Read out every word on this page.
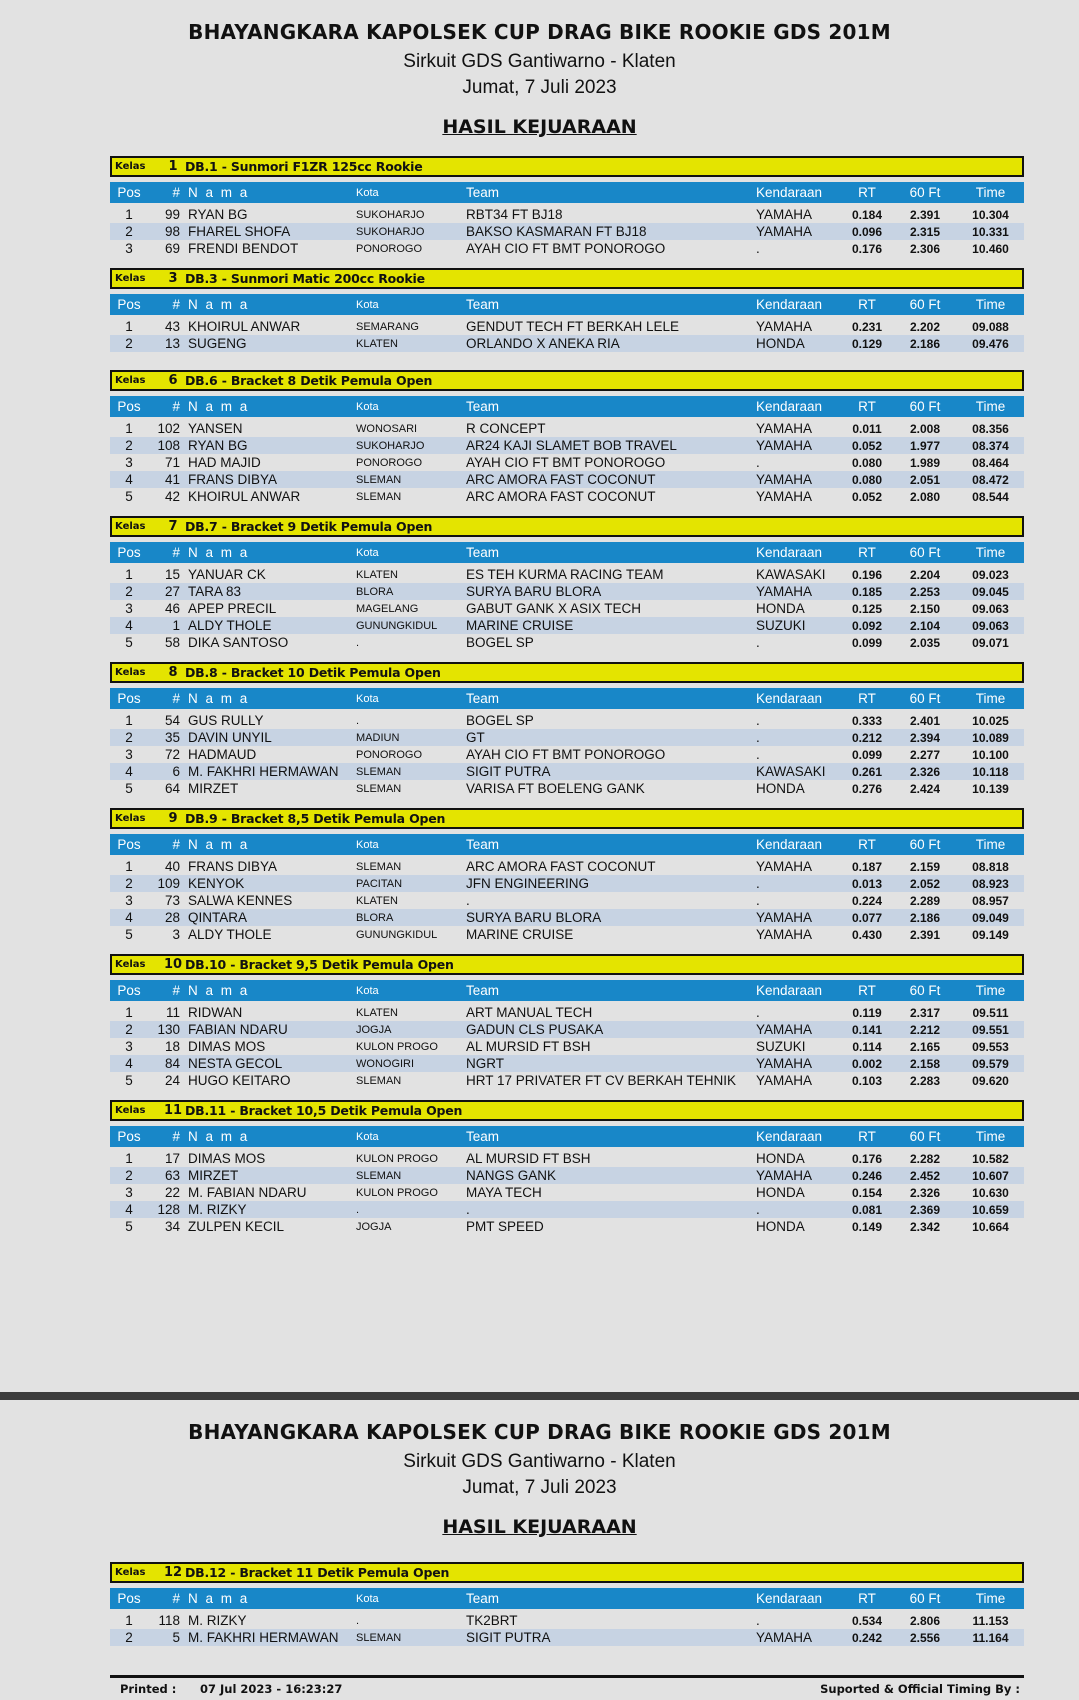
BHAYANGKARA KAPOLSEK CUP DRAG BIKE ROOKIE GDS 201M
Sirkuit GDS Gantiwarno - Klaten
Jumat, 7 Juli 2023
HASIL KEJUARAAN
BHAYANGKARA KAPOLSEK CUP DRAG BIKE ROOKIE GDS 201M
Sirkuit GDS Gantiwarno - Klaten
Jumat, 7 Juli 2023
HASIL KEJUARAAN
Kelas	1 DB.1 - Sunmori F1ZR 125cc Rookie
Pos	# N a m a	Kota	Team	Kendaraan	RT	60 Ft	Time
1	99 RYAN BG	SUKOHARJO	RBT34 FT BJ18	YAMAHA	0.184	2.391	10.304
2	98 FHAREL SHOFA	SUKOHARJO	BAKSO KASMARAN FT BJ18	YAMAHA	0.096	2.315	10.331
3	69 FRENDI BENDOT	PONOROGO	AYAH CIO FT BMT PONOROGO	.	0.176	2.306	10.460
Kelas	3 DB.3 - Sunmori Matic 200cc Rookie
Pos	# N a m a	Kota	Team	Kendaraan	RT	60 Ft	Time
1	43 KHOIRUL ANWAR	SEMARANG	GENDUT TECH FT BERKAH LELE	YAMAHA	0.231	2.202	09.088
2	13 SUGENG	KLATEN	ORLANDO X ANEKA RIA	HONDA	0.129	2.186	09.476
Kelas	6 DB.6 - Bracket 8 Detik Pemula Open
Pos	# N a m a	Kota	Team	Kendaraan	RT	60 Ft	Time
1	102 YANSEN	WONOSARI	R CONCEPT	YAMAHA	0.011	2.008	08.356
2	108 RYAN BG	SUKOHARJO	AR24 KAJI SLAMET BOB TRAVEL	YAMAHA	0.052	1.977	08.374
3	71 HAD MAJID	PONOROGO	AYAH CIO FT BMT PONOROGO	.	0.080	1.989	08.464
4	41 FRANS DIBYA	SLEMAN	ARC AMORA FAST COCONUT	YAMAHA	0.080	2.051	08.472
5	42 KHOIRUL ANWAR	SLEMAN	ARC AMORA FAST COCONUT	YAMAHA	0.052	2.080	08.544
Kelas	7 DB.7 - Bracket 9 Detik Pemula Open
Pos	# N a m a	Kota	Team	Kendaraan	RT	60 Ft	Time
1	15 YANUAR CK	KLATEN	ES TEH KURMA RACING TEAM	KAWASAKI	0.196	2.204	09.023
2	27 TARA 83	BLORA	SURYA BARU BLORA	YAMAHA	0.185	2.253	09.045
3	46 APEP PRECIL	MAGELANG	GABUT GANK X ASIX TECH	HONDA	0.125	2.150	09.063
4	1 ALDY THOLE	GUNUNGKIDUL	MARINE CRUISE	SUZUKI	0.092	2.104	09.063
5	58 DIKA SANTOSO	.	BOGEL SP	.	0.099	2.035	09.071
Kelas	8 DB.8 - Bracket 10 Detik Pemula Open
Pos	# N a m a	Kota	Team	Kendaraan	RT	60 Ft	Time
1	54 GUS RULLY	.	BOGEL SP	.	0.333	2.401	10.025
2	35 DAVIN UNYIL	MADIUN	GT	.	0.212	2.394	10.089
3	72 HADMAUD	PONOROGO	AYAH CIO FT BMT PONOROGO	.	0.099	2.277	10.100
4	6 M. FAKHRI HERMAWAN	SLEMAN	SIGIT PUTRA	KAWASAKI	0.261	2.326	10.118
5	64 MIRZET	SLEMAN	VARISA FT BOELENG GANK	HONDA	0.276	2.424	10.139
Kelas	9 DB.9 - Bracket 8,5 Detik Pemula Open
Pos	# N a m a	Kota	Team	Kendaraan	RT	60 Ft	Time
1	40 FRANS DIBYA	SLEMAN	ARC AMORA FAST COCONUT	YAMAHA	0.187	2.159	08.818
2	109 KENYOK	PACITAN	JFN ENGINEERING	.	0.013	2.052	08.923
3	73 SALWA KENNES	KLATEN	.	.	0.224	2.289	08.957
4	28 QINTARA	BLORA	SURYA BARU BLORA	YAMAHA	0.077	2.186	09.049
5	3 ALDY THOLE	GUNUNGKIDUL	MARINE CRUISE	YAMAHA	0.430	2.391	09.149
Kelas	10 DB.10 - Bracket 9,5 Detik Pemula Open
Pos	# N a m a	Kota	Team	Kendaraan	RT	60 Ft	Time
1	11 RIDWAN	KLATEN	ART MANUAL TECH	.	0.119	2.317	09.511
2	130 FABIAN NDARU	JOGJA	GADUN CLS PUSAKA	YAMAHA	0.141	2.212	09.551
3	18 DIMAS MOS	KULON PROGO	AL MURSID FT BSH	SUZUKI	0.114	2.165	09.553
4	84 NESTA GECOL	WONOGIRI	NGRT	YAMAHA	0.002	2.158	09.579
5	24 HUGO KEITARO	SLEMAN	HRT 17 PRIVATER FT CV BERKAH TEHNIK	YAMAHA	0.103	2.283	09.620
Kelas	11 DB.11 - Bracket 10,5 Detik Pemula Open
Pos	# N a m a	Kota	Team	Kendaraan	RT	60 Ft	Time
1	17 DIMAS MOS	KULON PROGO	AL MURSID FT BSH	HONDA	0.176	2.282	10.582
2	63 MIRZET	SLEMAN	NANGS GANK	YAMAHA	0.246	2.452	10.607
3	22 M. FABIAN NDARU	KULON PROGO	MAYA TECH	HONDA	0.154	2.326	10.630
4	128 M. RIZKY	.	.	.	0.081	2.369	10.659
5	34 ZULPEN KECIL	JOGJA	PMT SPEED	HONDA	0.149	2.342	10.664
Kelas	12 DB.12 - Bracket 11 Detik Pemula Open
Pos	# N a m a	Kota	Team	Kendaraan	RT	60 Ft	Time
1	118 M. RIZKY	.	TK2BRT	.	0.534	2.806	11.153
2	5 M. FAKHRI HERMAWAN	SLEMAN	SIGIT PUTRA	YAMAHA	0.242	2.556	11.164
Printed :	07 Jul 2023 - 16:23:27	Suported & Official Timing By :
